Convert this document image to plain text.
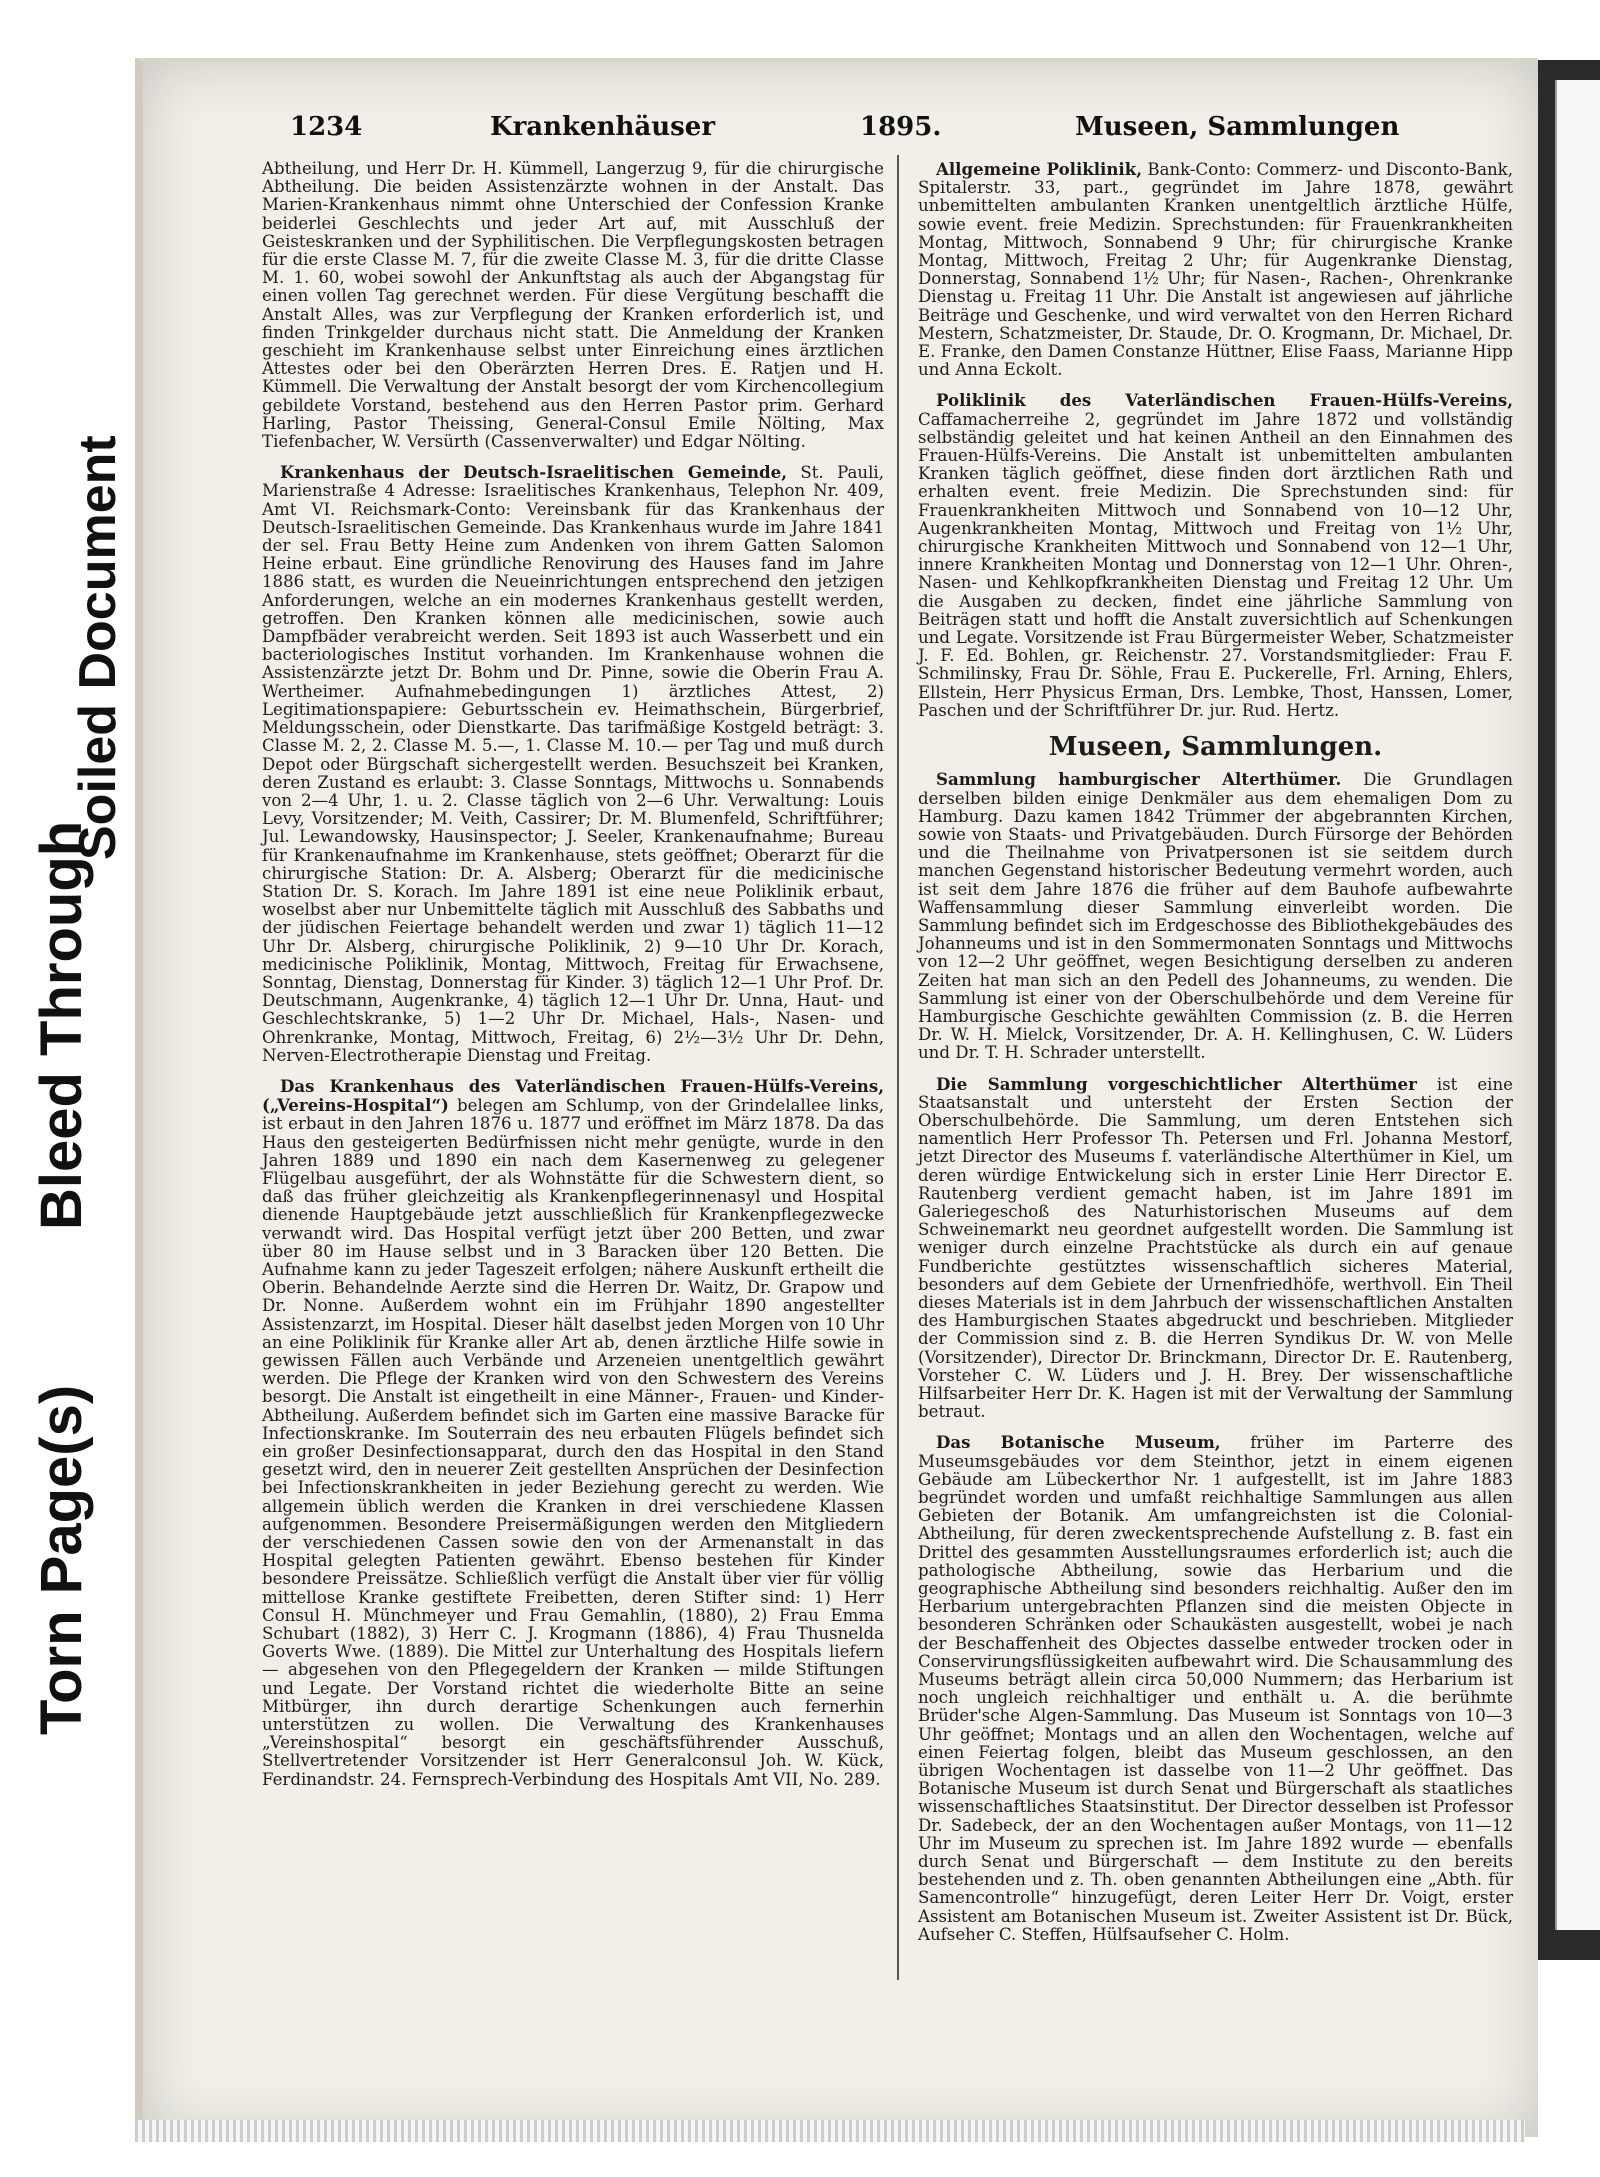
Torn Page(s)
Bleed Through
Soiled Document
1234	Krankenhäuser	1895.	Museen, Sammlungen

Abtheilung, und Herr Dr. H. Kümmell, Langerzug 9, für die chirurgische Abtheilung. Die beiden Assistenzärzte wohnen in der Anstalt. Das Marien-Krankenhaus nimmt ohne Unterschied der Confession Kranke beiderlei Geschlechts und jeder Art auf, mit Ausschluß der Geisteskranken und der Syphilitischen. Die Verpflegungskosten betragen für die erste Classe M. 7, für die zweite Classe M. 3, für die dritte Classe M. 1. 60, wobei sowohl der Ankunftstag als auch der Abgangstag für einen vollen Tag gerechnet werden. Für diese Vergütung beschafft die Anstalt Alles, was zur Verpflegung der Kranken erforderlich ist, und finden Trinkgelder durchaus nicht statt. Die Anmeldung der Kranken geschieht im Krankenhause selbst unter Einreichung eines ärztlichen Attestes oder bei den Oberärzten Herren Dres. E. Ratjen und H. Kümmell. Die Verwaltung der Anstalt besorgt der vom Kirchencollegium gebildete Vorstand, bestehend aus den Herren Pastor prim. Gerhard Harling, Pastor Theissing, General-Consul Emile Nölting, Max Tiefenbacher, W. Versürth (Cassenverwalter) und Edgar Nölting.

Krankenhaus der Deutsch-Israelitischen Gemeinde, St. Pauli, Marienstraße 4 Adresse: Israelitisches Krankenhaus, Telephon Nr. 409, Amt VI. Reichsmark-Conto: Vereinsbank für das Krankenhaus der Deutsch-Israelitischen Gemeinde. Das Krankenhaus wurde im Jahre 1841 der sel. Frau Betty Heine zum Andenken von ihrem Gatten Salomon Heine erbaut. Eine gründliche Renovirung des Hauses fand im Jahre 1886 statt, es wurden die Neueinrichtungen entsprechend den jetzigen Anforderungen, welche an ein modernes Krankenhaus gestellt werden, getroffen. Den Kranken können alle medicinischen, sowie auch Dampfbäder verabreicht werden. Seit 1893 ist auch Wasserbett und ein bacteriologisches Institut vorhanden. Im Krankenhause wohnen die Assistenzärzte jetzt Dr. Bohm und Dr. Pinne, sowie die Oberin Frau A. Wertheimer. Aufnahmebedingungen 1) ärztliches Attest, 2) Legitimationspapiere: Geburtsschein ev. Heimathschein, Bürgerbrief, Meldungsschein, oder Dienstkarte. Das tarifmäßige Kostgeld beträgt: 3. Classe M. 2, 2. Classe M. 5.—, 1. Classe M. 10.— per Tag und muß durch Depot oder Bürgschaft sichergestellt werden. Besuchszeit bei Kranken, deren Zustand es erlaubt: 3. Classe Sonntags, Mittwochs u. Sonnabends von 2—4 Uhr, 1. u. 2. Classe täglich von 2—6 Uhr. Verwaltung: Louis Levy, Vorsitzender; M. Veith, Cassirer; Dr. M. Blumenfeld, Schriftführer; Jul. Lewandowsky, Hausinspector; J. Seeler, Krankenaufnahme; Bureau für Krankenaufnahme im Krankenhause, stets geöffnet; Oberarzt für die chirurgische Station: Dr. A. Alsberg; Oberarzt für die medicinische Station Dr. S. Korach. Im Jahre 1891 ist eine neue Poliklinik erbaut, woselbst aber nur Unbemittelte täglich mit Ausschluß des Sabbaths und der jüdischen Feiertage behandelt werden und zwar 1) täglich 11—12 Uhr Dr. Alsberg, chirurgische Poliklinik, 2) 9—10 Uhr Dr. Korach, medicinische Poliklinik, Montag, Mittwoch, Freitag für Erwachsene, Sonntag, Dienstag, Donnerstag für Kinder. 3) täglich 12—1 Uhr Prof. Dr. Deutschmann, Augenkranke, 4) täglich 12—1 Uhr Dr. Unna, Haut- und Geschlechtskranke, 5) 1—2 Uhr Dr. Michael, Hals-, Nasen- und Ohrenkranke, Montag, Mittwoch, Freitag, 6) 2½—3½ Uhr Dr. Dehn, Nerven-Electrotherapie Dienstag und Freitag.

Das Krankenhaus des Vaterländischen Frauen-Hülfs-Vereins, („Vereins-Hospital“) belegen am Schlump, von der Grindelallee links, ist erbaut in den Jahren 1876 u. 1877 und eröffnet im März 1878. Da das Haus den gesteigerten Bedürfnissen nicht mehr genügte, wurde in den Jahren 1889 und 1890 ein nach dem Kasernenweg zu gelegener Flügelbau ausgeführt, der als Wohnstätte für die Schwestern dient, so daß das früher gleichzeitig als Krankenpflegerinnenasyl und Hospital dienende Hauptgebäude jetzt ausschließlich für Krankenpflegezwecke verwandt wird. Das Hospital verfügt jetzt über 200 Betten, und zwar über 80 im Hause selbst und in 3 Baracken über 120 Betten. Die Aufnahme kann zu jeder Tageszeit erfolgen; nähere Auskunft ertheilt die Oberin. Behandelnde Aerzte sind die Herren Dr. Waitz, Dr. Grapow und Dr. Nonne. Außerdem wohnt ein im Frühjahr 1890 angestellter Assistenzarzt, im Hospital. Dieser hält daselbst jeden Morgen von 10 Uhr an eine Poliklinik für Kranke aller Art ab, denen ärztliche Hilfe sowie in gewissen Fällen auch Verbände und Arzeneien unentgeltlich gewährt werden. Die Pflege der Kranken wird von den Schwestern des Vereins besorgt. Die Anstalt ist eingetheilt in eine Männer-, Frauen- und Kinder-Abtheilung. Außerdem befindet sich im Garten eine massive Baracke für Infectionskranke. Im Souterrain des neu erbauten Flügels befindet sich ein großer Desinfectionsapparat, durch den das Hospital in den Stand gesetzt wird, den in neuerer Zeit gestellten Ansprüchen der Desinfection bei Infectionskrankheiten in jeder Beziehung gerecht zu werden. Wie allgemein üblich werden die Kranken in drei verschiedene Klassen aufgenommen. Besondere Preisermäßigungen werden den Mitgliedern der verschiedenen Cassen sowie den von der Armenanstalt in das Hospital gelegten Patienten gewährt. Ebenso bestehen für Kinder besondere Preissätze. Schließlich verfügt die Anstalt über vier für völlig mittellose Kranke gestiftete Freibetten, deren Stifter sind: 1) Herr Consul H. Münchmeyer und Frau Gemahlin, (1880), 2) Frau Emma Schubart (1882), 3) Herr C. J. Krogmann (1886), 4) Frau Thusnelda Goverts Wwe. (1889). Die Mittel zur Unterhaltung des Hospitals liefern — abgesehen von den Pflegegeldern der Kranken — milde Stiftungen und Legate. Der Vorstand richtet die wiederholte Bitte an seine Mitbürger, ihn durch derartige Schenkungen auch fernerhin unterstützen zu wollen. Die Verwaltung des Krankenhauses „Vereinshospital“ besorgt ein geschäftsführender Ausschuß, Stellvertretender Vorsitzender ist Herr Generalconsul Joh. W. Kück, Ferdinandstr. 24. Fernsprech-Verbindung des Hospitals Amt VII, No. 289.

Allgemeine Poliklinik, Bank-Conto: Commerz- und Disconto-Bank, Spitalerstr. 33, part., gegründet im Jahre 1878, gewährt unbemittelten ambulanten Kranken unentgeltlich ärztliche Hülfe, sowie event. freie Medizin. Sprechstunden: für Frauenkrankheiten Montag, Mittwoch, Sonnabend 9 Uhr; für chirurgische Kranke Montag, Mittwoch, Freitag 2 Uhr; für Augenkranke Dienstag, Donnerstag, Sonnabend 1½ Uhr; für Nasen-, Rachen-, Ohrenkranke Dienstag u. Freitag 11 Uhr. Die Anstalt ist angewiesen auf jährliche Beiträge und Geschenke, und wird verwaltet von den Herren Richard Mestern, Schatzmeister, Dr. Staude, Dr. O. Krogmann, Dr. Michael, Dr. E. Franke, den Damen Constanze Hüttner, Elise Faass, Marianne Hipp und Anna Eckolt.

Poliklinik des Vaterländischen Frauen-Hülfs-Vereins, Caffamacherreihe 2, gegründet im Jahre 1872 und vollständig selbständig geleitet und hat keinen Antheil an den Einnahmen des Frauen-Hülfs-Vereins. Die Anstalt ist unbemittelten ambulanten Kranken täglich geöffnet, diese finden dort ärztlichen Rath und erhalten event. freie Medizin. Die Sprechstunden sind: für Frauenkrankheiten Mittwoch und Sonnabend von 10—12 Uhr, Augenkrankheiten Montag, Mittwoch und Freitag von 1½ Uhr, chirurgische Krankheiten Mittwoch und Sonnabend von 12—1 Uhr, innere Krankheiten Montag und Donnerstag von 12—1 Uhr. Ohren-, Nasen- und Kehlkopfkrankheiten Dienstag und Freitag 12 Uhr. Um die Ausgaben zu decken, findet eine jährliche Sammlung von Beiträgen statt und hofft die Anstalt zuversichtlich auf Schenkungen und Legate. Vorsitzende ist Frau Bürgermeister Weber, Schatzmeister J. F. Ed. Bohlen, gr. Reichenstr. 27. Vorstandsmitglieder: Frau F. Schmilinsky, Frau Dr. Söhle, Frau E. Puckerelle, Frl. Arning, Ehlers, Ellstein, Herr Physicus Erman, Drs. Lembke, Thost, Hanssen, Lomer, Paschen und der Schriftführer Dr. jur. Rud. Hertz.

Museen, Sammlungen.

Sammlung hamburgischer Alterthümer. Die Grundlagen derselben bilden einige Denkmäler aus dem ehemaligen Dom zu Hamburg. Dazu kamen 1842 Trümmer der abgebrannten Kirchen, sowie von Staats- und Privatgebäuden. Durch Fürsorge der Behörden und die Theilnahme von Privatpersonen ist sie seitdem durch manchen Gegenstand historischer Bedeutung vermehrt worden, auch ist seit dem Jahre 1876 die früher auf dem Bauhofe aufbewahrte Waffensammlung dieser Sammlung einverleibt worden. Die Sammlung befindet sich im Erdgeschosse des Bibliothekgebäudes des Johanneums und ist in den Sommermonaten Sonntags und Mittwochs von 12—2 Uhr geöffnet, wegen Besichtigung derselben zu anderen Zeiten hat man sich an den Pedell des Johanneums, zu wenden. Die Sammlung ist einer von der Oberschulbehörde und dem Vereine für Hamburgische Geschichte gewählten Commission (z. B. die Herren Dr. W. H. Mielck, Vorsitzender, Dr. A. H. Kellinghusen, C. W. Lüders und Dr. T. H. Schrader unterstellt.

Die Sammlung vorgeschichtlicher Alterthümer ist eine Staatsanstalt und untersteht der Ersten Section der Oberschulbehörde. Die Sammlung, um deren Entstehen sich namentlich Herr Professor Th. Petersen und Frl. Johanna Mestorf, jetzt Director des Museums f. vaterländische Alterthümer in Kiel, um deren würdige Entwickelung sich in erster Linie Herr Director E. Rautenberg verdient gemacht haben, ist im Jahre 1891 im Galeriegeschoß des Naturhistorischen Museums auf dem Schweinemarkt neu geordnet aufgestellt worden. Die Sammlung ist weniger durch einzelne Prachtstücke als durch ein auf genaue Fundberichte gestütztes wissenschaftlich sicheres Material, besonders auf dem Gebiete der Urnenfriedhöfe, werthvoll. Ein Theil dieses Materials ist in dem Jahrbuch der wissenschaftlichen Anstalten des Hamburgischen Staates abgedruckt und beschrieben. Mitglieder der Commission sind z. B. die Herren Syndikus Dr. W. von Melle (Vorsitzender), Director Dr. Brinckmann, Director Dr. E. Rautenberg, Vorsteher C. W. Lüders und J. H. Brey. Der wissenschaftliche Hilfsarbeiter Herr Dr. K. Hagen ist mit der Verwaltung der Sammlung betraut.

Das Botanische Museum, früher im Parterre des Museumsgebäudes vor dem Steinthor, jetzt in einem eigenen Gebäude am Lübeckerthor Nr. 1 aufgestellt, ist im Jahre 1883 begründet worden und umfaßt reichhaltige Sammlungen aus allen Gebieten der Botanik. Am umfangreichsten ist die Colonial-Abtheilung, für deren zweckentsprechende Aufstellung z. B. fast ein Drittel des gesammten Ausstellungsraumes erforderlich ist; auch die pathologische Abtheilung, sowie das Herbarium und die geographische Abtheilung sind besonders reichhaltig. Außer den im Herbarium untergebrachten Pflanzen sind die meisten Objecte in besonderen Schränken oder Schaukästen ausgestellt, wobei je nach der Beschaffenheit des Objectes dasselbe entweder trocken oder in Conservirungsflüssigkeiten aufbewahrt wird. Die Schausammlung des Museums beträgt allein circa 50,000 Nummern; das Herbarium ist noch ungleich reichhaltiger und enthält u. A. die berühmte Brüder'sche Algen-Sammlung. Das Museum ist Sonntags von 10—3 Uhr geöffnet; Montags und an allen den Wochentagen, welche auf einen Feiertag folgen, bleibt das Museum geschlossen, an den übrigen Wochentagen ist dasselbe von 11—2 Uhr geöffnet. Das Botanische Museum ist durch Senat und Bürgerschaft als staatliches wissenschaftliches Staatsinstitut. Der Director desselben ist Professor Dr. Sadebeck, der an den Wochentagen außer Montags, von 11—12 Uhr im Museum zu sprechen ist. Im Jahre 1892 wurde — ebenfalls durch Senat und Bürgerschaft — dem Institute zu den bereits bestehenden und z. Th. oben genannten Abtheilungen eine „Abth. für Samencontrolle“ hinzugefügt, deren Leiter Herr Dr. Voigt, erster Assistent am Botanischen Museum ist. Zweiter Assistent ist Dr. Bück, Aufseher C. Steffen, Hülfsaufseher C. Holm.
